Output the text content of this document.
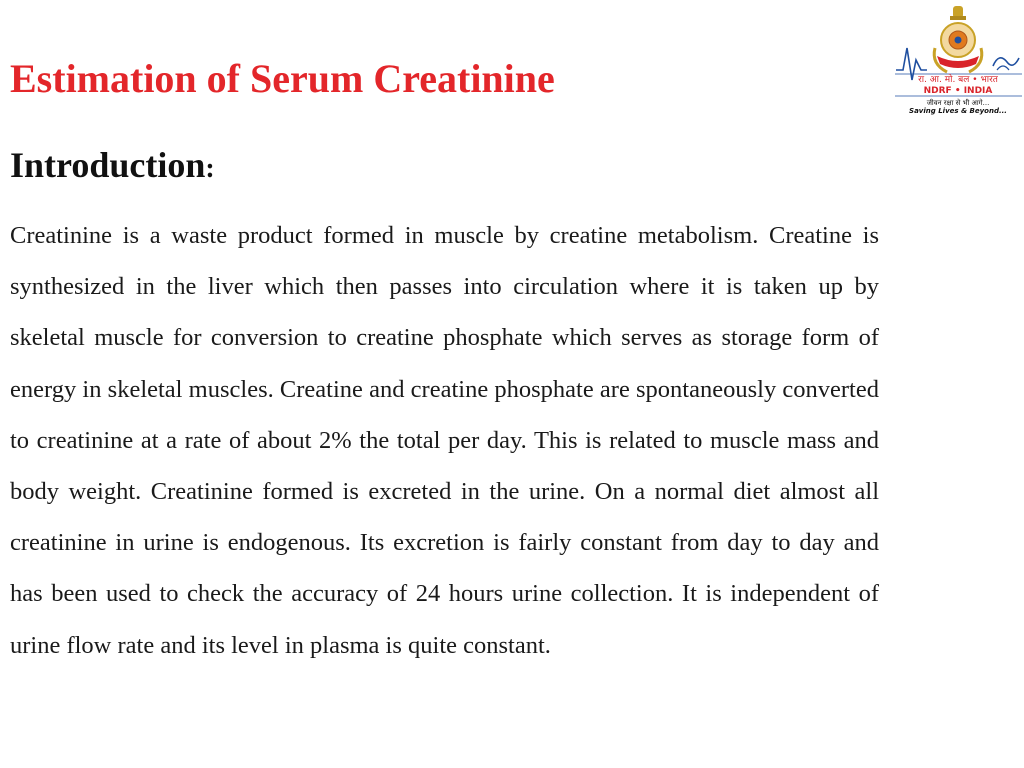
Estimation of Serum Creatinine
Introduction:

Creatinine is a waste product formed in muscle by creatine metabolism. Creatine is synthesized in the liver which then passes into circulation where it is taken up by skeletal muscle for conversion to creatine phosphate which serves as storage form of energy in skeletal muscles. Creatine and creatine phosphate are spontaneously converted to creatinine at a rate of about 2% the total per day. This is related to muscle mass and body weight. Creatinine formed is excreted in the urine. On a normal diet almost all creatinine in urine is endogenous. Its excretion is fairly constant from day to day and has been used to check the accuracy of 24 hours urine collection. It is independent of urine flow rate and its level in plasma is quite constant.

रा. आ. मो. बल • भारत
NDRF • INDIA
जीवन रक्षा से भी आगे...
Saving Lives & Beyond...
